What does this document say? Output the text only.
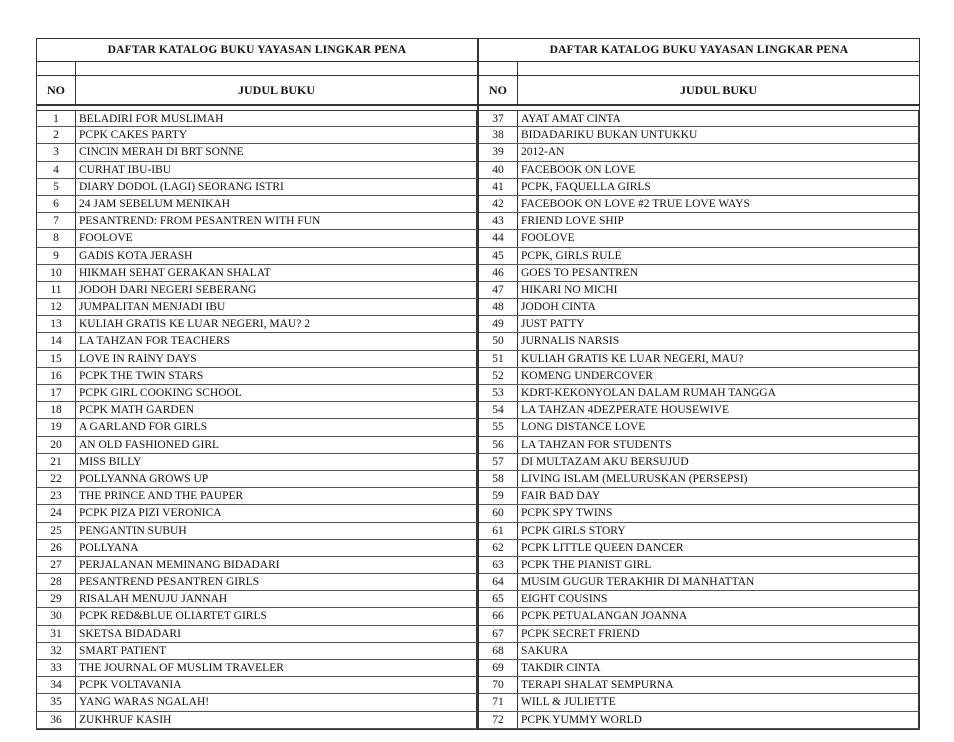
DAFTAR KATALOG BUKU YAYASAN LINGKAR PENA
NO	JUDUL BUKU
1	BELADIRI FOR MUSLIMAH
2	PCPK CAKES PARTY
3	CINCIN MERAH DI BRT SONNE
4	CURHAT IBU-IBU
5	DIARY DODOL (LAGI) SEORANG ISTRI
6	24 JAM SEBELUM MENIKAH
7	PESANTREND: FROM PESANTREN WITH FUN
8	FOOLOVE
9	GADIS KOTA JERASH
10	HIKMAH SEHAT GERAKAN SHALAT
11	JODOH DARI NEGERI SEBERANG
12	JUMPALITAN MENJADI IBU
13	KULIAH GRATIS KE LUAR NEGERI, MAU? 2
14	LA TAHZAN FOR TEACHERS
15	LOVE IN RAINY DAYS
16	PCPK THE TWIN STARS
17	PCPK GIRL COOKING SCHOOL
18	PCPK MATH GARDEN
19	A GARLAND FOR GIRLS
20	AN OLD FASHIONED GIRL
21	MISS BILLY
22	POLLYANNA GROWS UP
23	THE PRINCE AND THE PAUPER
24	PCPK PIZA PIZI VERONICA
25	PENGANTIN SUBUH
26	POLLYANA
27	PERJALANAN MEMINANG BIDADARI
28	PESANTREND PESANTREN GIRLS
29	RISALAH MENUJU JANNAH
30	PCPK RED&BLUE OLIARTET GIRLS
31	SKETSA BIDADARI
32	SMART PATIENT
33	THE JOURNAL OF MUSLIM TRAVELER
34	PCPK VOLTAVANIA
35	YANG WARAS NGALAH!
36	ZUKHRUF KASIH
DAFTAR KATALOG BUKU YAYASAN LINGKAR PENA
NO	JUDUL BUKU
37	AYAT AMAT CINTA
38	BIDADARIKU BUKAN UNTUKKU
39	2012-AN
40	FACEBOOK ON LOVE
41	PCPK, FAQUELLA GIRLS
42	FACEBOOK ON LOVE #2 TRUE LOVE WAYS
43	FRIEND LOVE SHIP
44	FOOLOVE
45	PCPK, GIRLS RULE
46	GOES TO PESANTREN
47	HIKARI NO MICHI
48	JODOH CINTA
49	JUST PATTY
50	JURNALIS NARSIS
51	KULIAH GRATIS KE LUAR NEGERI, MAU?
52	KOMENG UNDERCOVER
53	KDRT-KEKONYOLAN DALAM RUMAH TANGGA
54	LA TAHZAN 4DEZPERATE HOUSEWIVE
55	LONG DISTANCE LOVE
56	LA TAHZAN FOR STUDENTS
57	DI MULTAZAM AKU BERSUJUD
58	LIVING ISLAM (MELURUSKAN (PERSEPSI)
59	FAIR BAD DAY
60	PCPK SPY TWINS
61	PCPK GIRLS STORY
62	PCPK LITTLE QUEEN DANCER
63	PCPK THE PIANIST GIRL
64	MUSIM GUGUR TERAKHIR DI MANHATTAN
65	EIGHT COUSINS
66	PCPK PETUALANGAN JOANNA
67	PCPK SECRET FRIEND
68	SAKURA
69	TAKDIR CINTA
70	TERAPI SHALAT SEMPURNA
71	WILL & JULIETTE
72	PCPK YUMMY WORLD
